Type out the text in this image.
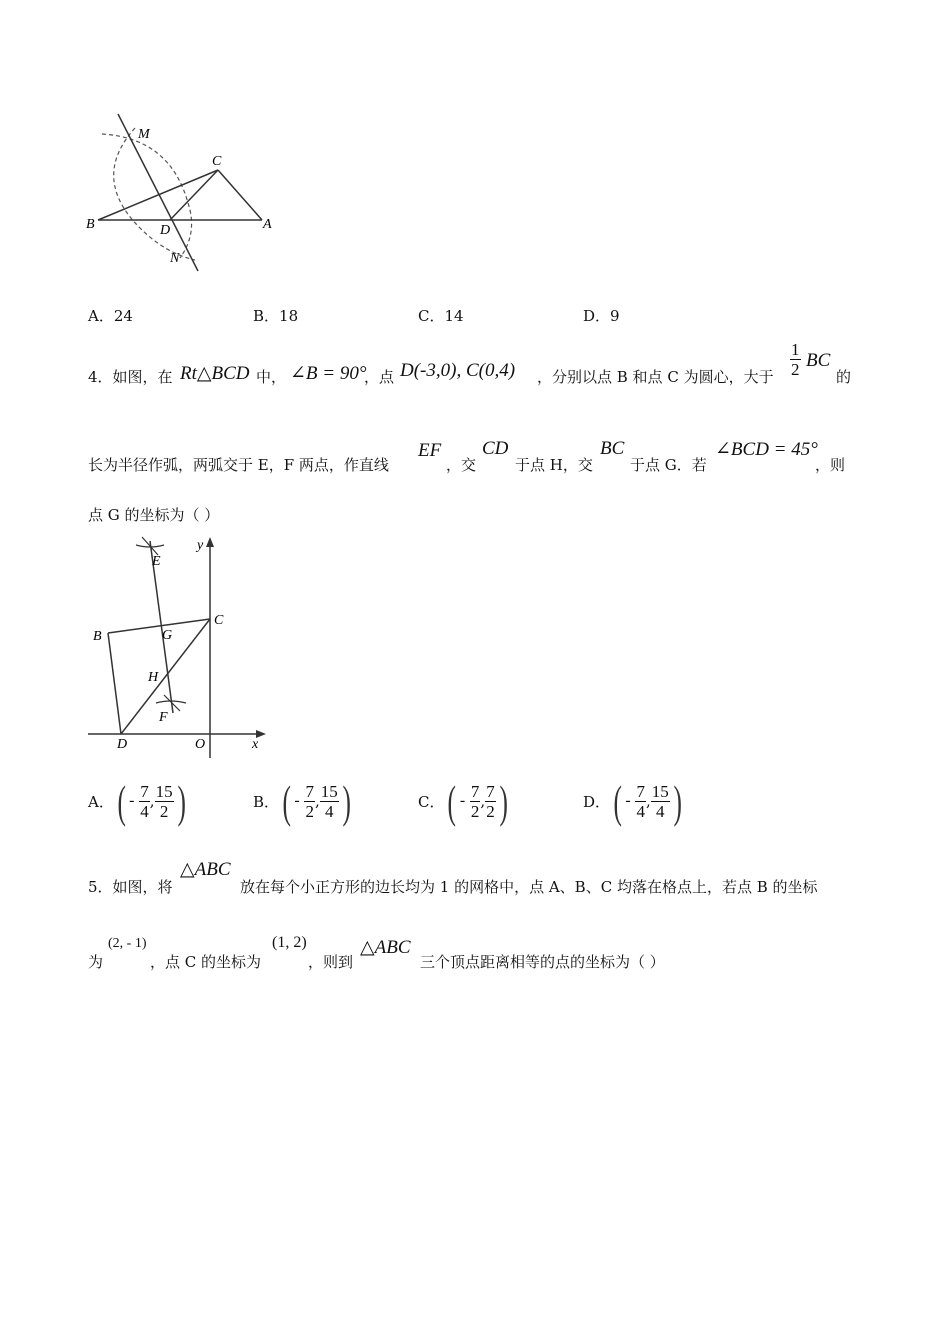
M
C
B	D	A
N
A．24	B．18	C．14	D．9
4．如图，在 Rt△BCD 中， ∠B = 90°
，点 D(-3,0), C(0,4) ，分别以点 B 和点 C 为圆心，大于 $\frac{1}{2}$ BC
的
长为半径作弧，两弧交于 E，F 两点，作直线
EF
，交
CD
于点 H，交
BC
于点 G．若
∠BCD = 45°
，则
点 G 的坐标为（ ）
E
y
B	G
C
H
F
D	O	x
A． ( -
$\frac{7}{4}$ , $\frac{15}{2}$ )	B． ( -
$\frac{7}{2}$ , $\frac{15}{4}$ )	C． ( -
$\frac{7}{2}$ , $\frac{7}{2}$ )	D． ( -
$\frac{7}{4}$ , $\frac{15}{4}$ )
5．如图，将
△ABC
放在每个小正方形的边长均为 1 的网格中，点 A、B、C 均落在格点上，若点 B 的坐标
为
(2, - 1)
，点 C 的坐标为
(1, 2)
，则到
△ABC
三个顶点距离相等的点的坐标为（ ）
